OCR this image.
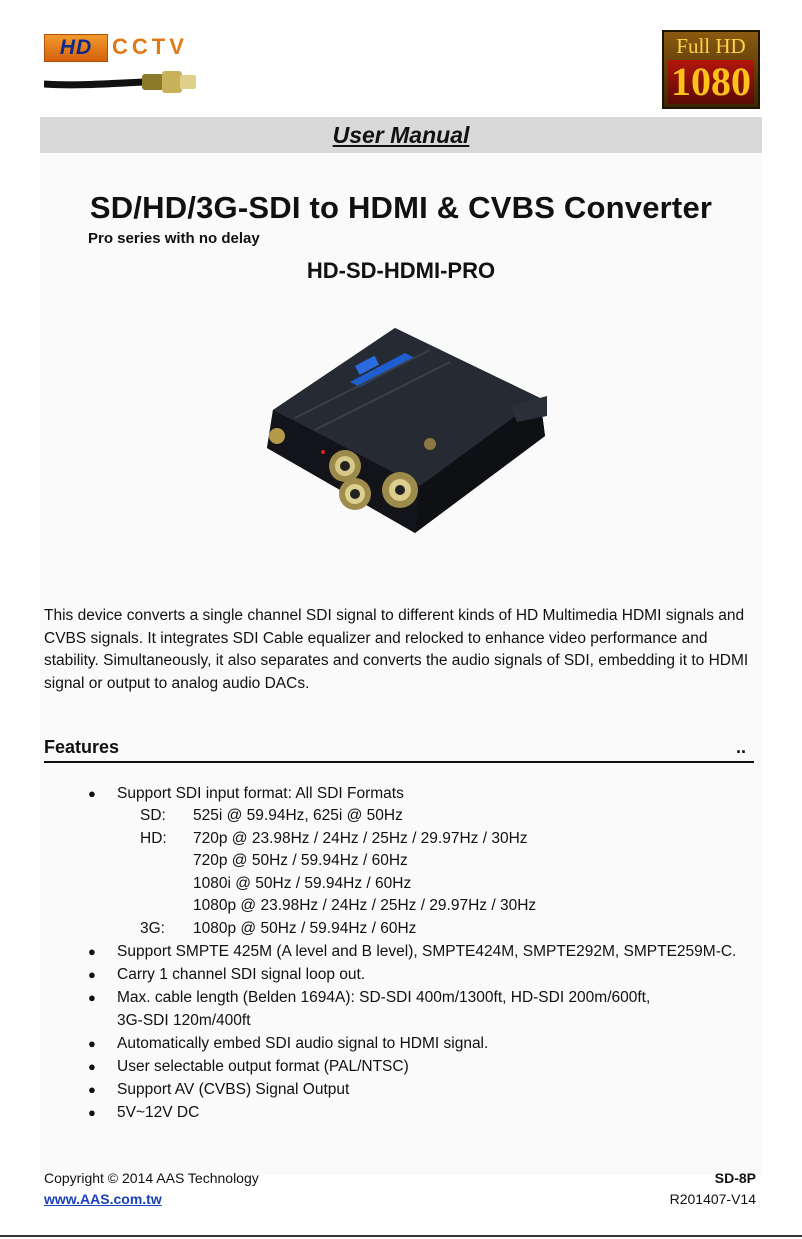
HD CCTV	Full HD
1080
User Manual
SD/HD/3G-SDI to HDMI & CVBS Converter
Pro series with no delay
HD-SD-HDMI-PRO
This device converts a single channel SDI signal to different kinds of HD Multimedia HDMI signals and CVBS signals. It integrates SDI Cable equalizer and relocked to enhance video performance and stability. Simultaneously, it also separates and converts the audio signals of SDI, embedding it to HDMI signal or output to analog audio DACs.
Features	..
● Support SDI input format: All SDI Formats
SD:	525i @ 59.94Hz, 625i @ 50Hz
HD:	720p @ 23.98Hz / 24Hz / 25Hz / 29.97Hz / 30Hz
720p @ 50Hz / 59.94Hz / 60Hz
1080i @ 50Hz / 59.94Hz / 60Hz
1080p @ 23.98Hz / 24Hz / 25Hz / 29.97Hz / 30Hz
3G:	1080p @ 50Hz / 59.94Hz / 60Hz
● Support SMPTE 425M (A level and B level), SMPTE424M, SMPTE292M, SMPTE259M-C.
● Carry 1 channel SDI signal loop out.
● Max. cable length (Belden 1694A): SD-SDI 400m/1300ft, HD-SDI 200m/600ft,
3G-SDI 120m/400ft
● Automatically embed SDI audio signal to HDMI signal.
● User selectable output format (PAL/NTSC)
● Support AV (CVBS) Signal Output
● 5V~12V DC
Copyright © 2014 AAS Technology	SD-8P
www.AAS.com.tw	R201407-V14
